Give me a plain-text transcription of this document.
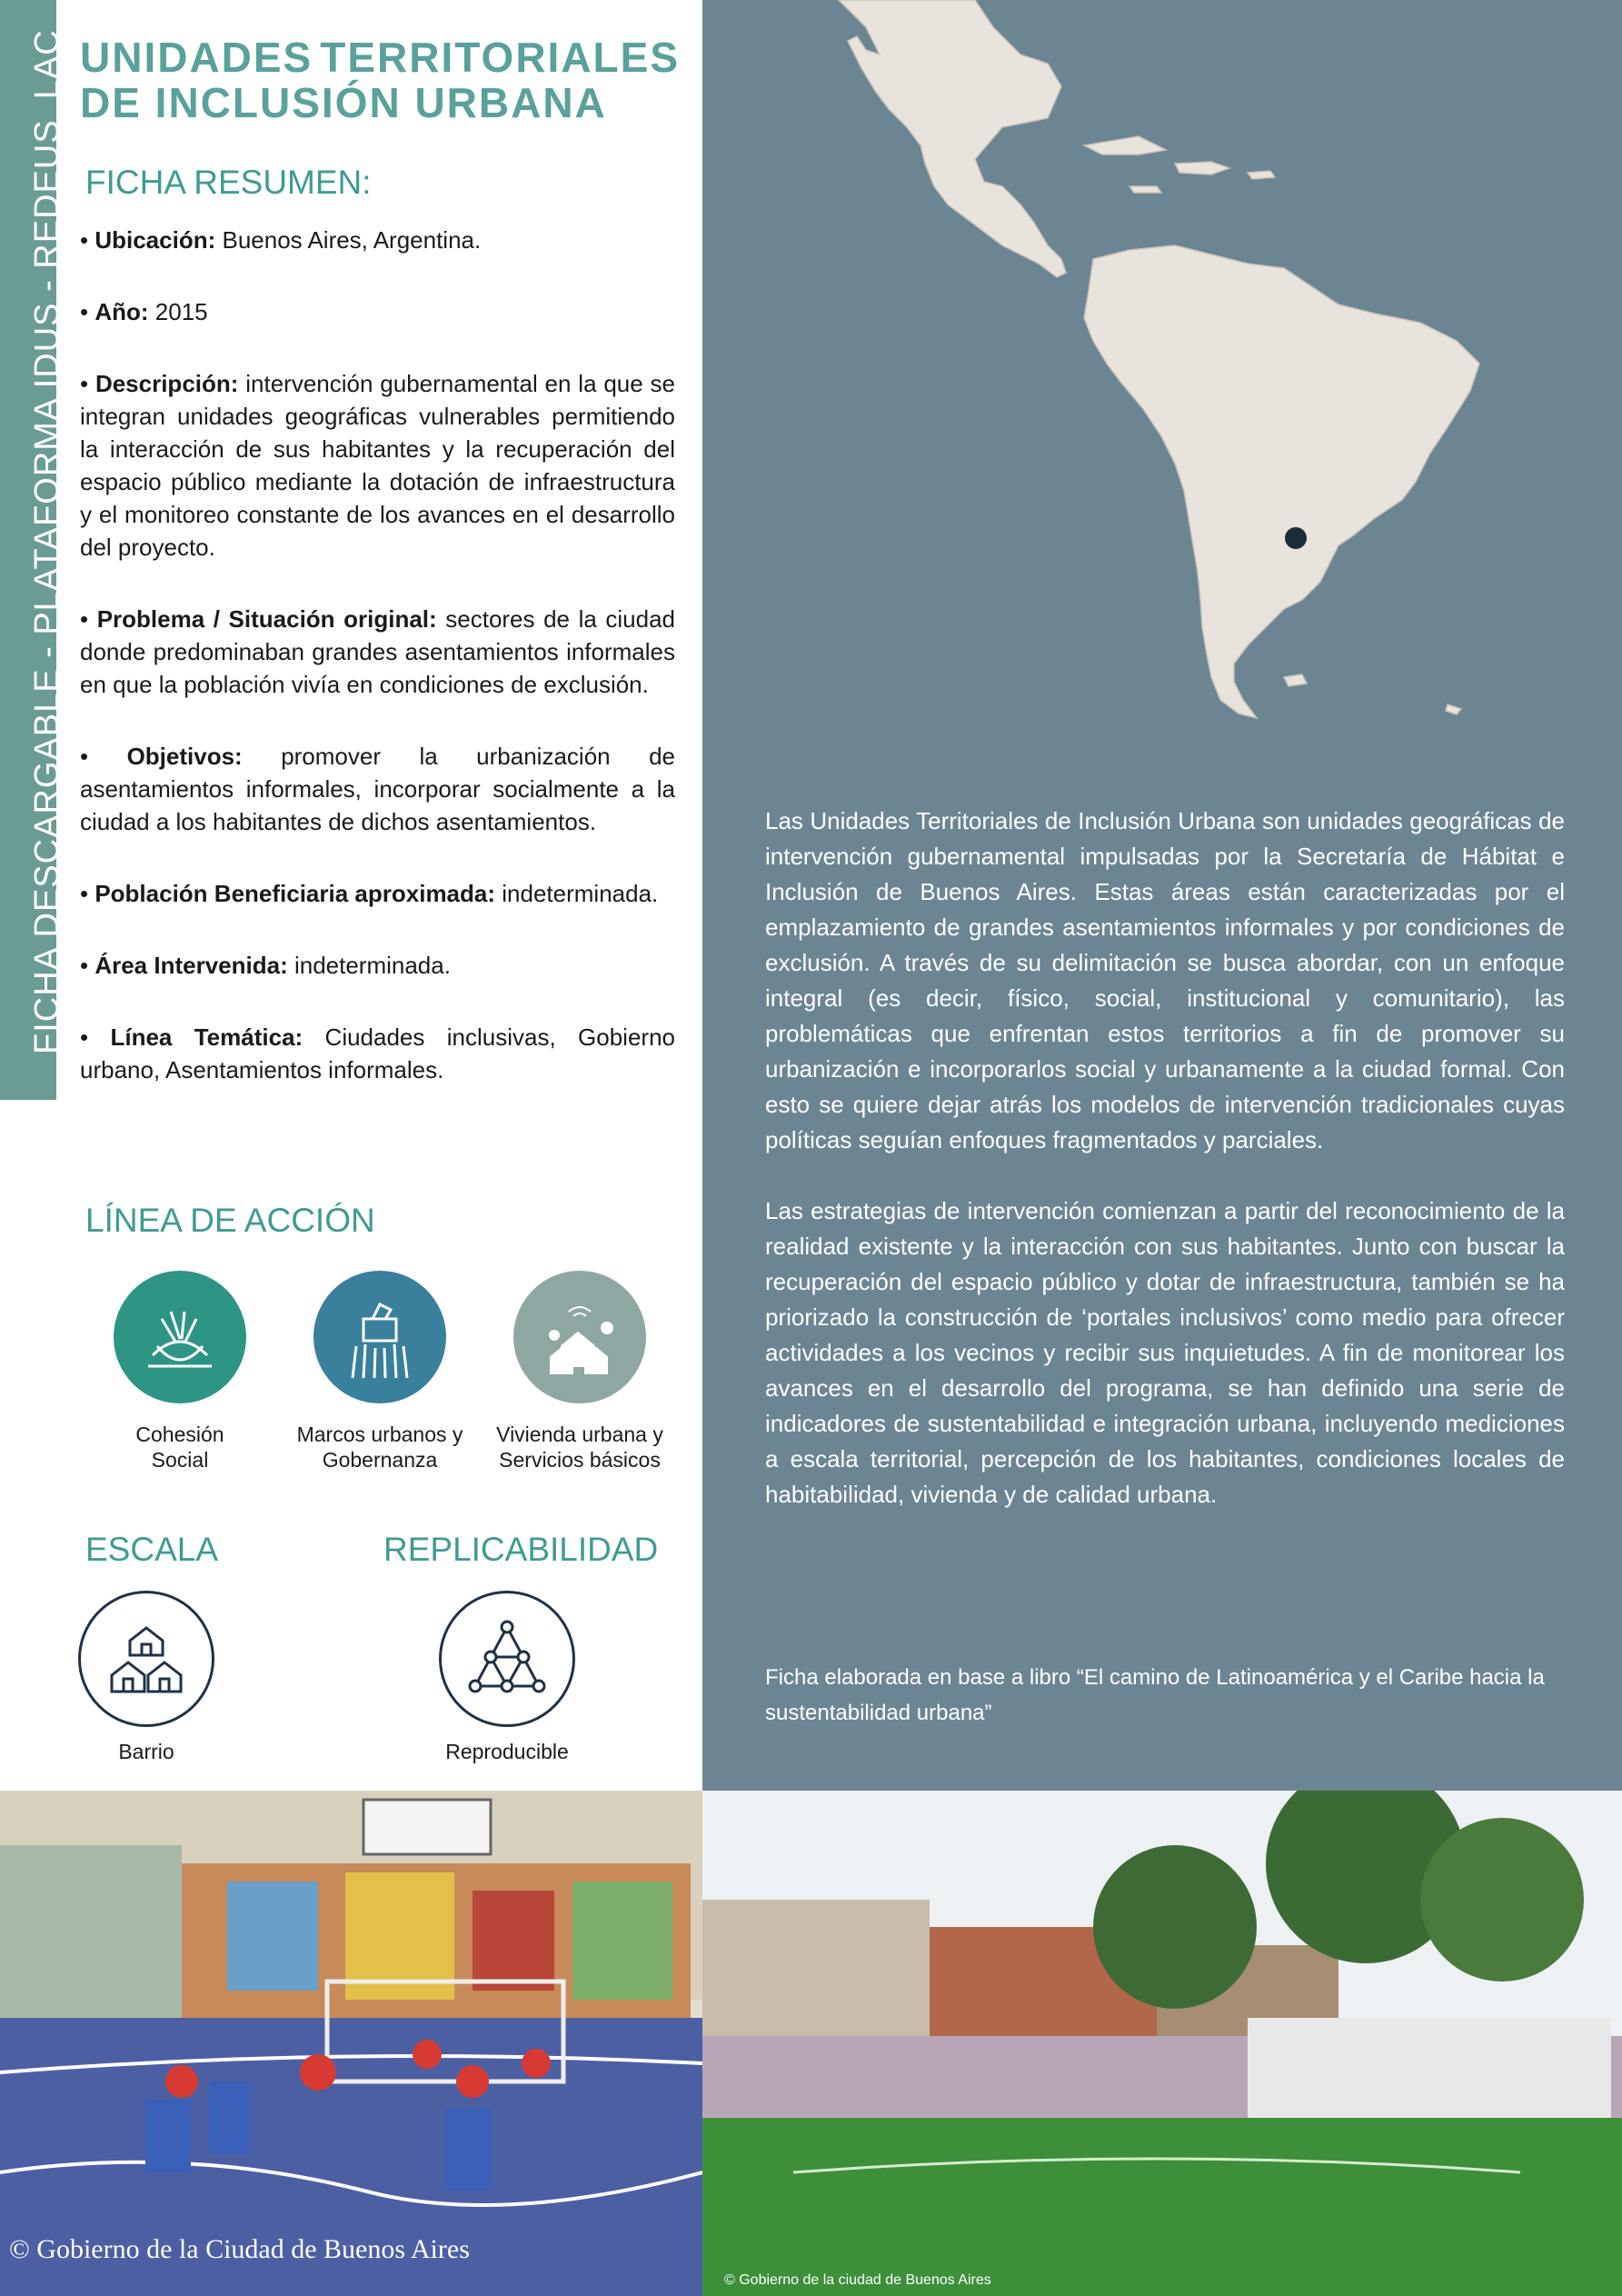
FICHA DESCARGABLE - PLATAFORMA IDUS - REDEUS_LAC UNIDADES TERRITORIALES
DE INCLUSIÓN URBANA
FICHA RESUMEN:

• Ubicación: Buenos Aires, Argentina.

• Año: 2015

• Descripción: intervención gubernamental en la que se integran unidades geográficas vulnerables permitiendo la interacción de sus habitantes y la recuperación del espacio público mediante la dotación de infraestructura y el monitoreo constante de los avances en el desarrollo del proyecto.

• Problema / Situación original: sectores de la ciudad donde predominaban grandes asentamientos informales en que la población vivía en condiciones de exclusión.

• Objetivos: promover la urbanización de asentamientos informales, incorporar socialmente a la ciudad a los habitantes de dichos asentamientos.

• Población Beneficiaria aproximada: indeterminada.

• Área Intervenida: indeterminada.

• Línea Temática: Ciudades inclusivas, Gobierno urbano, Asentamientos informales.

LÍNEA DE ACCIÓN
Cohesión
Social
Marcos urbanos y
Gobernanza
Vivienda urbana y
Servicios básicos
ESCALA	REPLICABILIDAD
Barrio	Reproducible

Las Unidades Territoriales de Inclusión Urbana son unidades geográficas de intervención gubernamental impulsadas por la Secretaría de Hábitat e Inclusión de Buenos Aires. Estas áreas están caracterizadas por el emplazamiento de grandes asentamientos informales y por condiciones de exclusión. A través de su delimitación se busca abordar, con un enfoque integral (es decir, físico, social, institucional y comunitario), las problemáticas que enfrentan estos territorios a fin de promover su urbanización e incorporarlos social y urbanamente a la ciudad formal. Con esto se quiere dejar atrás los modelos de intervención tradicionales cuyas políticas seguían enfoques fragmentados y parciales.

Las estrategias de intervención comienzan a partir del reconocimiento de la realidad existente y la interacción con sus habitantes. Junto con buscar la recuperación del espacio público y dotar de infraestructura, también se ha priorizado la construcción de ‘portales inclusivos’ como medio para ofrecer actividades a los vecinos y recibir sus inquietudes. A fin de monitorear los avances en el desarrollo del programa, se han definido una serie de indicadores de sustentabilidad e integración urbana, incluyendo mediciones a escala territorial, percepción de los habitantes, condiciones locales de habitabilidad, vivienda y de calidad urbana.

Ficha elaborada en base a libro “El camino de Latinoamérica y el Caribe hacia la sustentabilidad urbana”
© Gobierno de la Ciudad de Buenos Aires
© Gobierno de la ciudad de Buenos Aires
